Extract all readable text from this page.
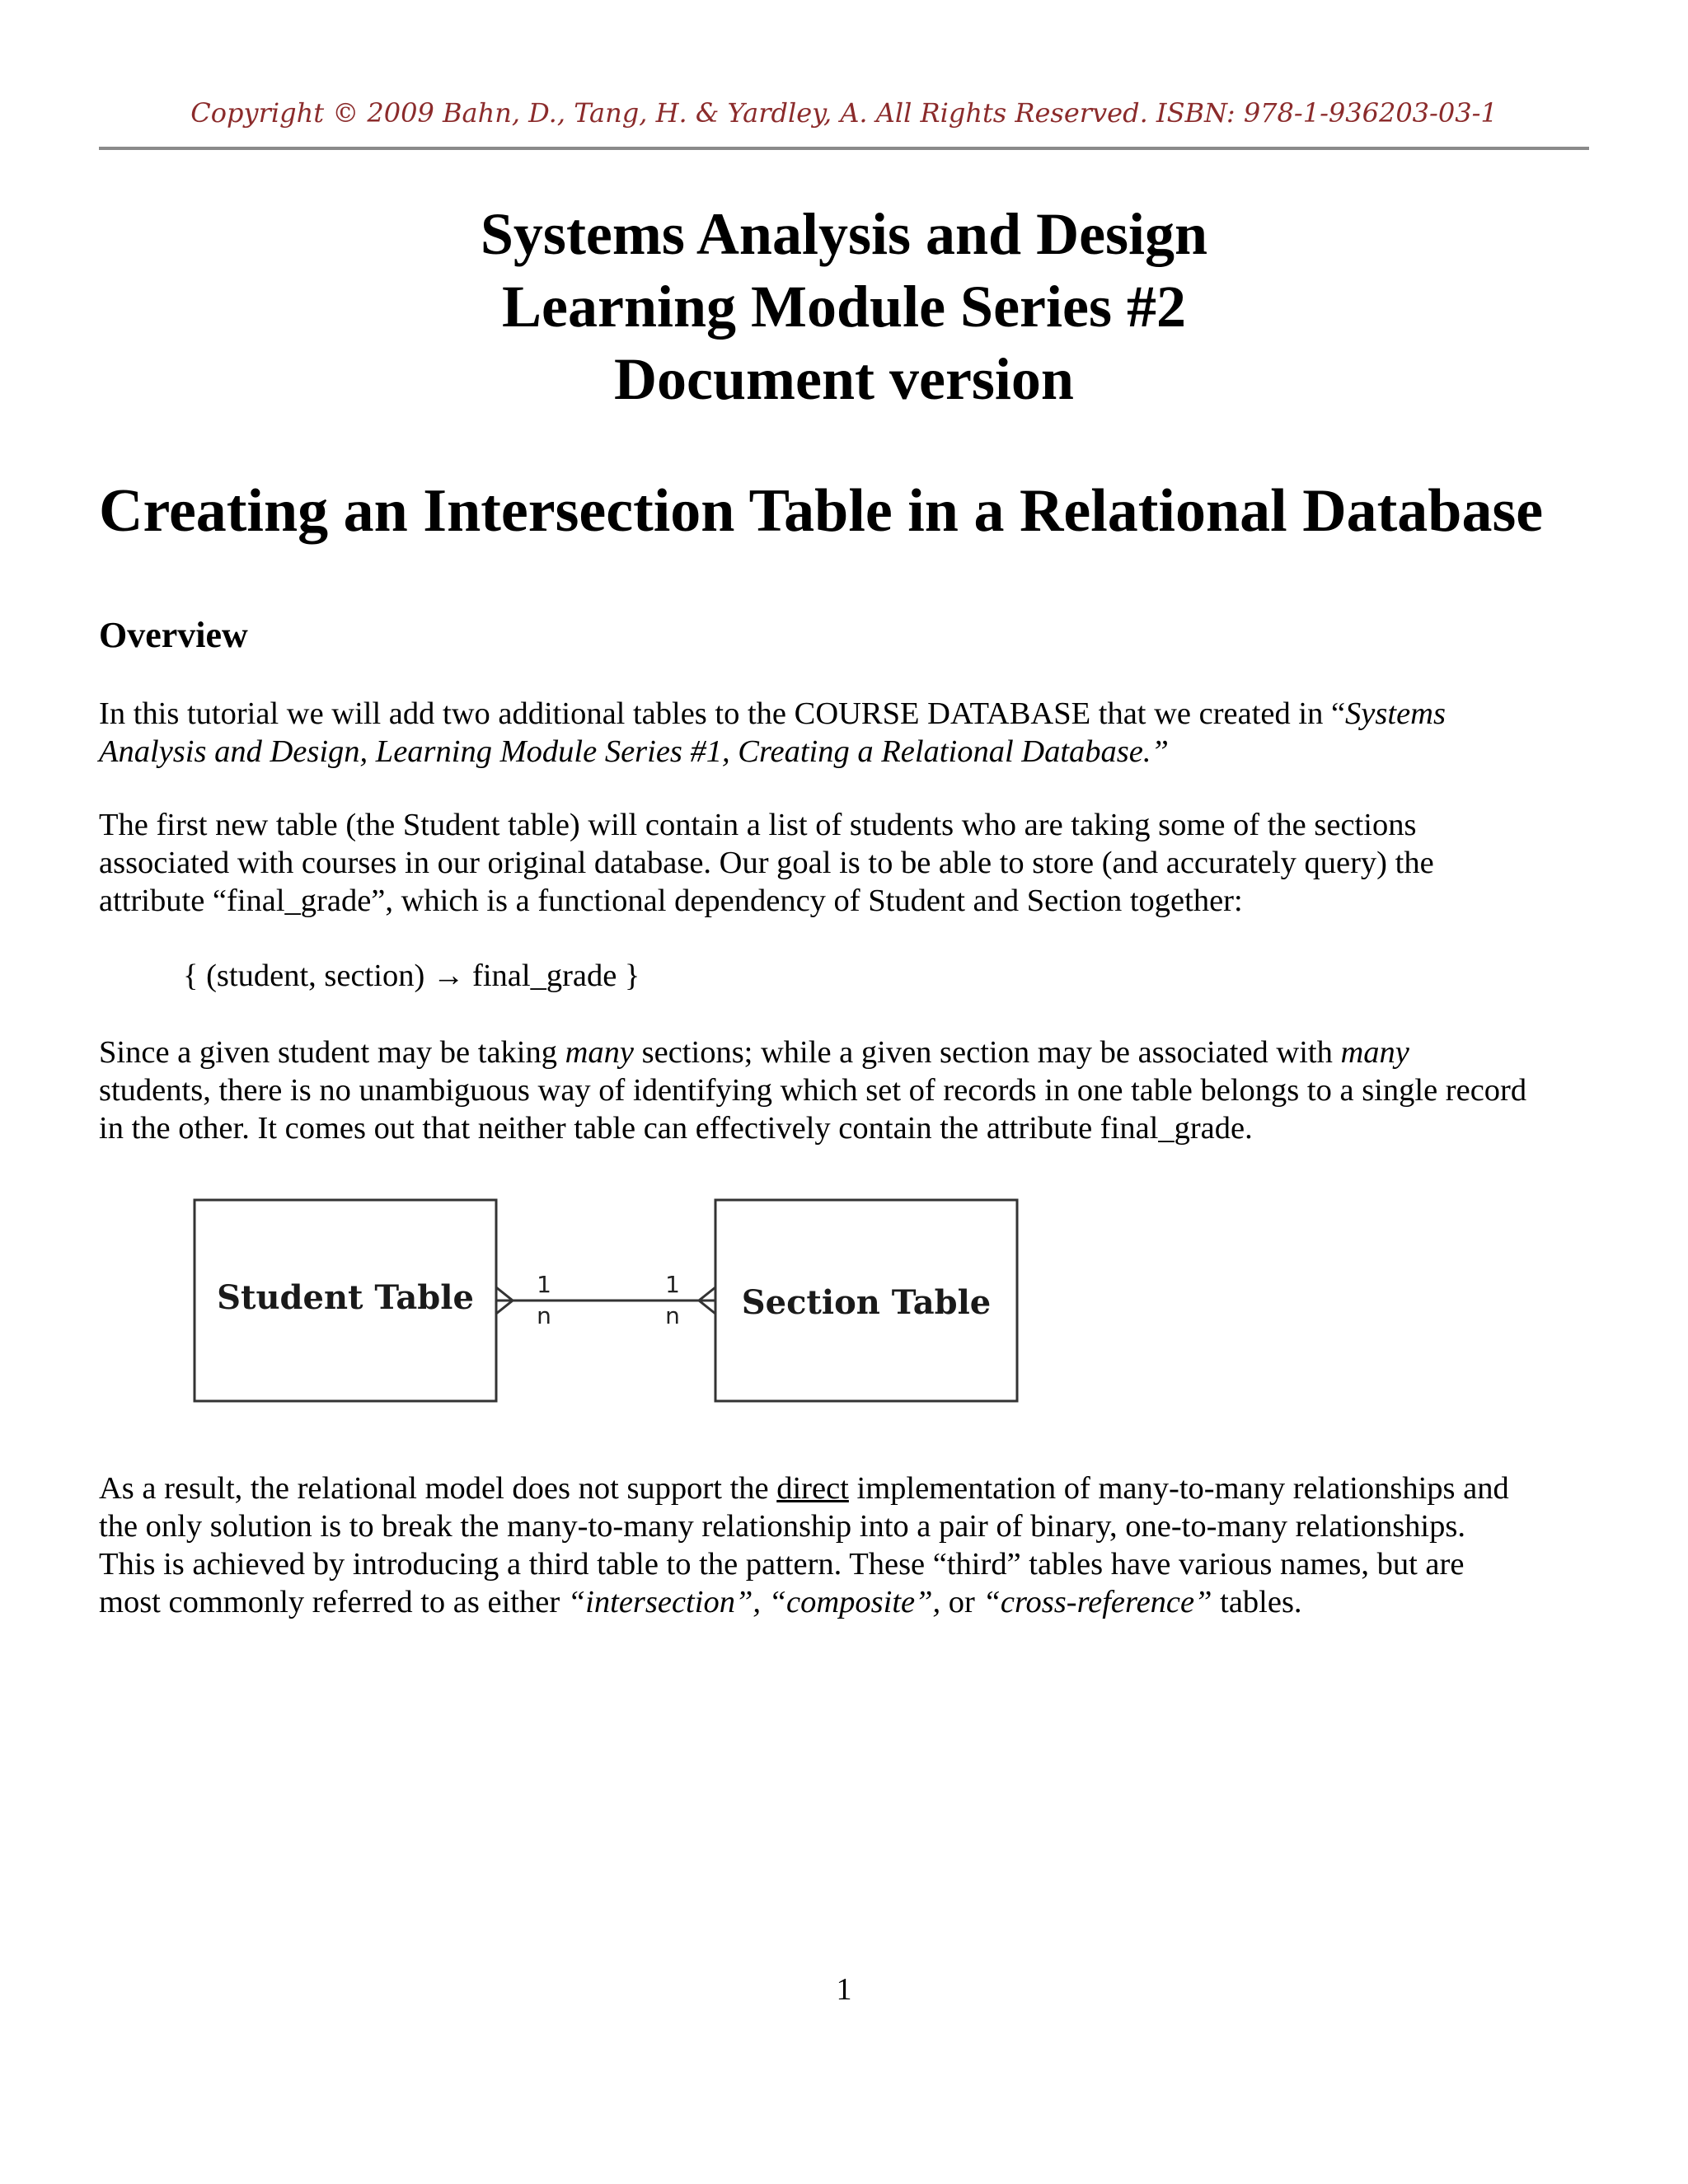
Copyright © 2009 Bahn, D., Tang, H. & Yardley, A. All Rights Reserved. ISBN: 978-1-936203-03-1
Systems Analysis and Design
Learning Module Series #2
Document version
Creating an Intersection Table in a Relational Database
Overview
In this tutorial we will add two additional tables to the COURSE DATABASE that we created in “Systems
Analysis and Design, Learning Module Series #1, Creating a Relational Database.”
The first new table (the Student table) will contain a list of students who are taking some of the sections
associated with courses in our original database. Our goal is to be able to store (and accurately query) the
attribute “final_grade”, which is a functional dependency of Student and Section together:
{ (student, section) → final_grade }
Since a given student may be taking many sections; while a given section may be associated with many
students, there is no unambiguous way of identifying which set of records in one table belongs to a single record
in the other. It comes out that neither table can effectively contain the attribute final_grade.
Student Table	Section Table
1
n
1
n
As a result, the relational model does not support the direct implementation of many-to-many relationships and
the only solution is to break the many-to-many relationship into a pair of binary, one-to-many relationships.
This is achieved by introducing a third table to the pattern. These “third” tables have various names, but are
most commonly referred to as either “intersection”, “composite”, or “cross-reference” tables.
1
